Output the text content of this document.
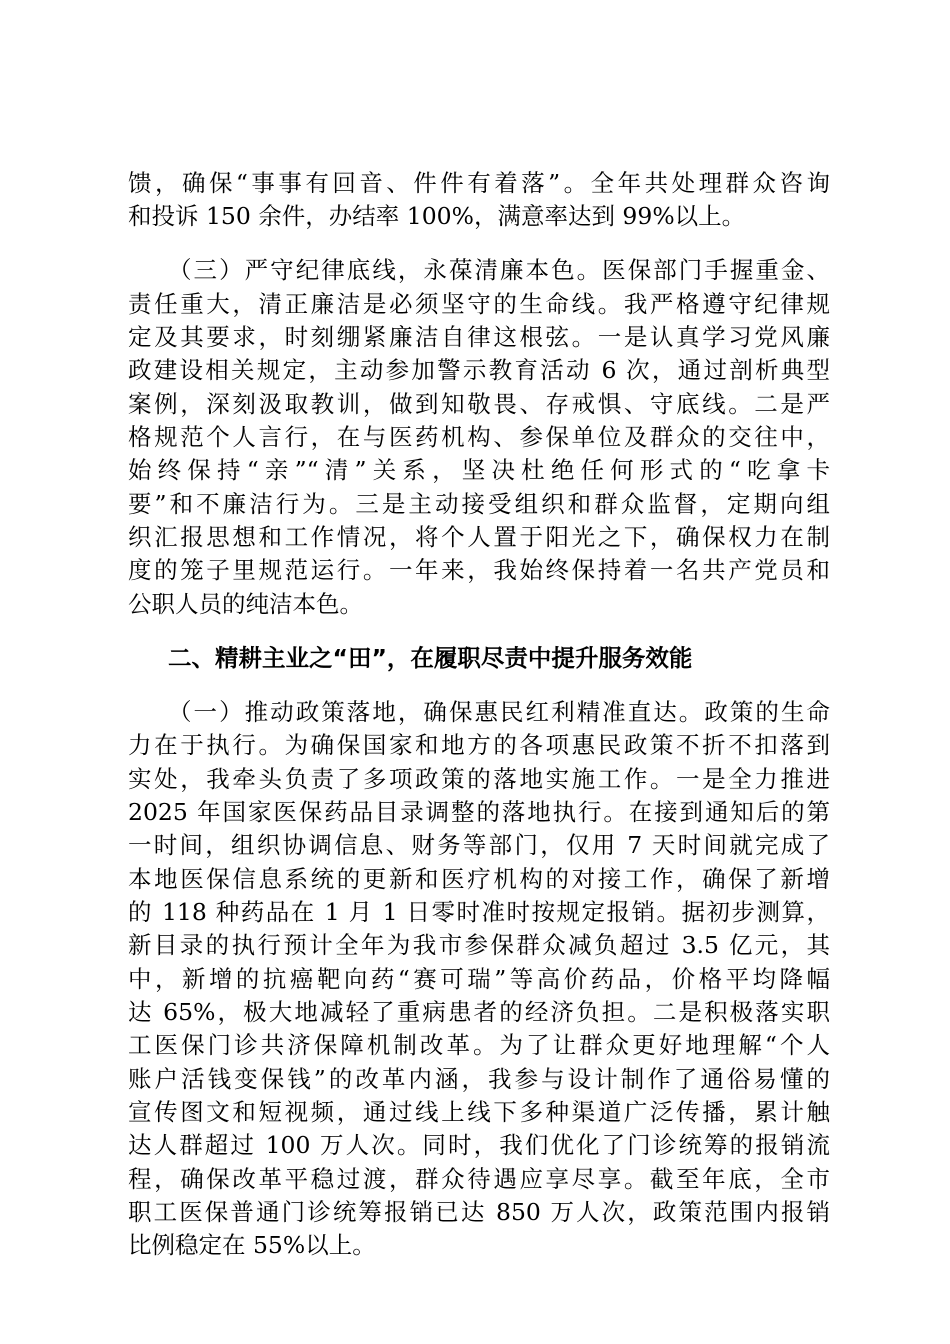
馈，确保“事事有回音、件件有着落”。全年共处理群众咨询
和投诉 150 余件，办结率 100%，满意率达到 99%以上。
（三）严守纪律底线，永葆清廉本色。医保部门手握重金、
责任重大，清正廉洁是必须坚守的生命线。我严格遵守纪律规
定及其要求，时刻绷紧廉洁自律这根弦。一是认真学习党风廉
政建设相关规定，主动参加警示教育活动 6 次，通过剖析典型
案例，深刻汲取教训，做到知敬畏、存戒惧、守底线。二是严
格规范个人言行，在与医药机构、参保单位及群众的交往中，
始终保持“亲”“清”关系，坚决杜绝任何形式的“吃拿卡
要”和不廉洁行为。三是主动接受组织和群众监督，定期向组
织汇报思想和工作情况，将个人置于阳光之下，确保权力在制
度的笼子里规范运行。一年来，我始终保持着一名共产党员和
公职人员的纯洁本色。
二、精耕主业之“田”，在履职尽责中提升服务效能
（一）推动政策落地，确保惠民红利精准直达。政策的生命
力在于执行。为确保国家和地方的各项惠民政策不折不扣落到
实处，我牵头负责了多项政策的落地实施工作。一是全力推进
2025 年国家医保药品目录调整的落地执行。在接到通知后的第
一时间，组织协调信息、财务等部门，仅用 7 天时间就完成了
本地医保信息系统的更新和医疗机构的对接工作，确保了新增
的 118 种药品在 1 月 1 日零时准时按规定报销。据初步测算，
新目录的执行预计全年为我市参保群众减负超过 3.5 亿元，其
中，新增的抗癌靶向药“赛可瑞”等高价药品，价格平均降幅
达 65%，极大地减轻了重病患者的经济负担。二是积极落实职
工医保门诊共济保障机制改革。为了让群众更好地理解“个人
账户活钱变保钱”的改革内涵，我参与设计制作了通俗易懂的
宣传图文和短视频，通过线上线下多种渠道广泛传播，累计触
达人群超过 100 万人次。同时，我们优化了门诊统筹的报销流
程，确保改革平稳过渡，群众待遇应享尽享。截至年底，全市
职工医保普通门诊统筹报销已达 850 万人次，政策范围内报销
比例稳定在 55%以上。
